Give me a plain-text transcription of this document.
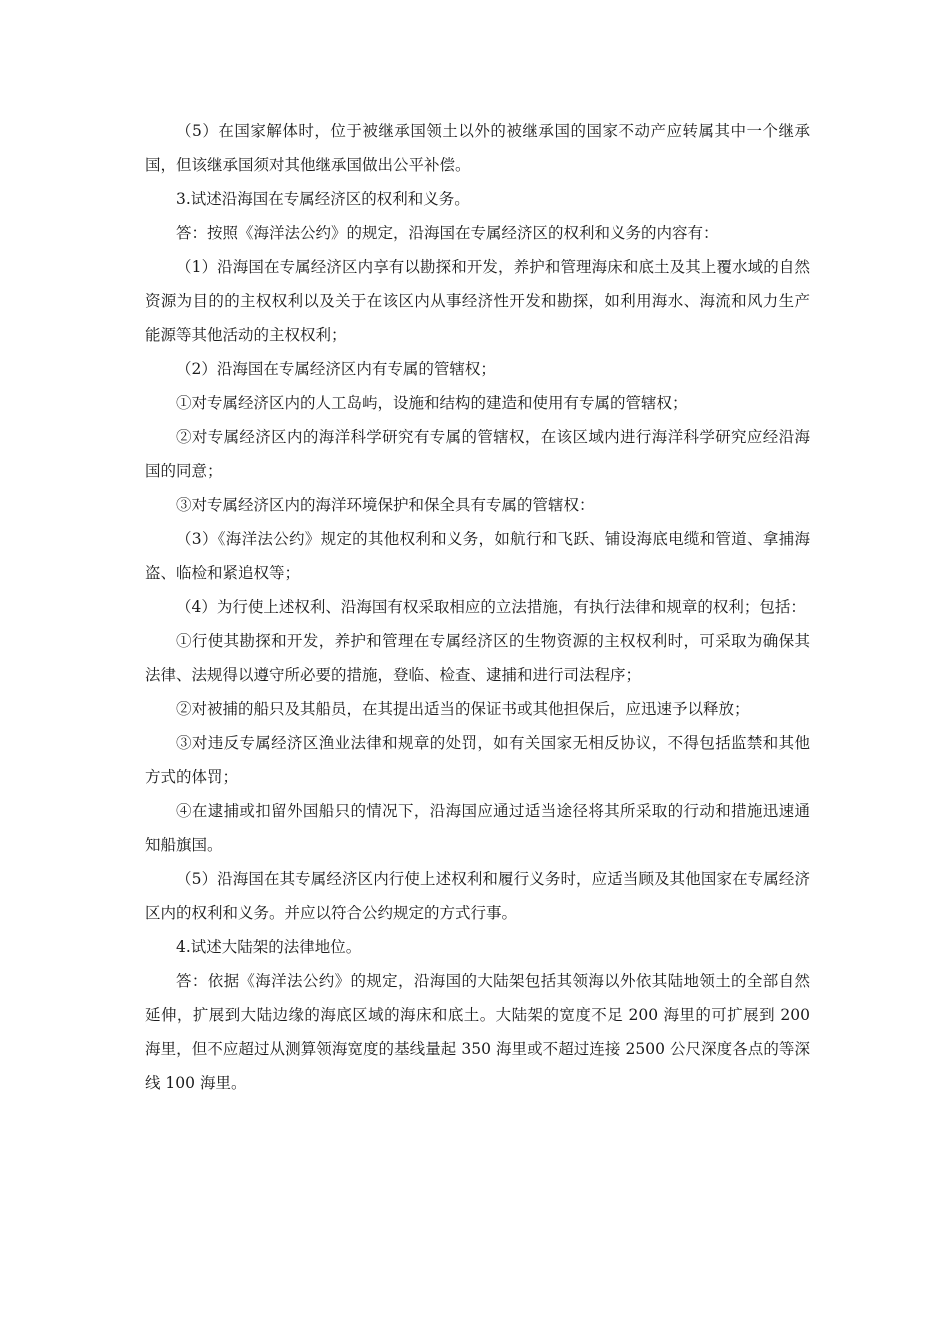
（5）在国家解体时，位于被继承国领土以外的被继承国的国家不动产应转属其中一个继承国，但该继承国须对其他继承国做出公平补偿。

3.试述沿海国在专属经济区的权利和义务。

答：按照《海洋法公约》的规定，沿海国在专属经济区的权利和义务的内容有：

（1）沿海国在专属经济区内享有以勘探和开发，养护和管理海床和底土及其上覆水域的自然资源为目的的主权权利以及关于在该区内从事经济性开发和勘探，如利用海水、海流和风力生产能源等其他活动的主权权利；

（2）沿海国在专属经济区内有专属的管辖权；

①对专属经济区内的人工岛屿，设施和结构的建造和使用有专属的管辖权；

②对专属经济区内的海洋科学研究有专属的管辖权，在该区域内进行海洋科学研究应经沿海国的同意；

③对专属经济区内的海洋环境保护和保全具有专属的管辖权：

（3）《海洋法公约》规定的其他权利和义务，如航行和飞跃、铺设海底电缆和管道、拿捕海盗、临检和紧追权等；

（4）为行使上述权利、沿海国有权采取相应的立法措施，有执行法律和规章的权利；包括：

①行使其勘探和开发，养护和管理在专属经济区的生物资源的主权权利时，可采取为确保其法律、法规得以遵守所必要的措施，登临、检查、逮捕和进行司法程序；

②对被捕的船只及其船员，在其提出适当的保证书或其他担保后，应迅速予以释放；

③对违反专属经济区渔业法律和规章的处罚，如有关国家无相反协议，不得包括监禁和其他方式的体罚；

④在逮捕或扣留外国船只的情况下，沿海国应通过适当途径将其所采取的行动和措施迅速通知船旗国。

（5）沿海国在其专属经济区内行使上述权利和履行义务时，应适当顾及其他国家在专属经济区内的权利和义务。并应以符合公约规定的方式行事。

4.试述大陆架的法律地位。

答：依据《海洋法公约》的规定，沿海国的大陆架包括其领海以外依其陆地领土的全部自然延伸，扩展到大陆边缘的海底区域的海床和底土。大陆架的宽度不足 200 海里的可扩展到 200 海里，但不应超过从测算领海宽度的基线量起 350 海里或不超过连接 2500 公尺深度各点的等深线 100 海里。
